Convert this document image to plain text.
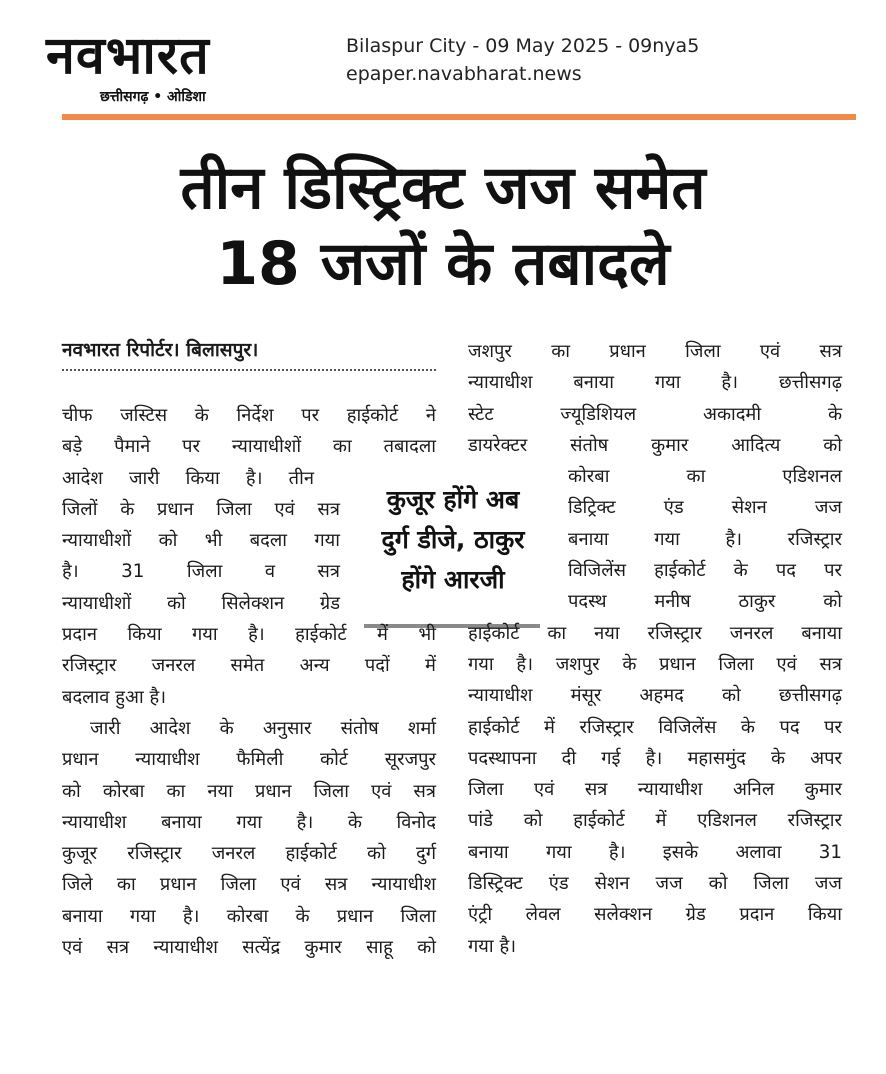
नवभारत
छत्तीसगढ़ • ओडिशा
Bilaspur City - 09 May 2025 - 09nya5
epaper.navabharat.news
तीन डिस्ट्रिक्ट जज समेत
18 जजों के तबादले
नवभारत रिपोर्टर। बिलासपुर।
कुजूर होंगे अब
दुर्ग डीजे, ठाकुर
होंगे आरजी
चीफ जस्टिस के निर्देश पर हाईकोर्ट ने
बड़े पैमाने पर न्यायाधीशों का तबादला
आदेश जारी किया है। तीन
जिलों के प्रधान जिला एवं सत्र
न्यायाधीशों को भी बदला गया
है। 31 जिला व सत्र
न्यायाधीशों को सिलेक्शन ग्रेड
प्रदान किया गया है। हाईकोर्ट में भी
रजिस्ट्रार जनरल समेत अन्य पदों में
बदलाव हुआ है।
जारी आदेश के अनुसार संतोष शर्मा
प्रधान न्यायाधीश फैमिली कोर्ट सूरजपुर
को कोरबा का नया प्रधान जिला एवं सत्र
न्यायाधीश बनाया गया है। के विनोद
कुजूर रजिस्ट्रार जनरल हाईकोर्ट को दुर्ग
जिले का प्रधान जिला एवं सत्र न्यायाधीश
बनाया गया है। कोरबा के प्रधान जिला
एवं सत्र न्यायाधीश सत्येंद्र कुमार साहू को
जशपुर का प्रधान जिला एवं सत्र
न्यायाधीश बनाया गया है। छत्तीसगढ़
स्टेट ज्यूडिशियल अकादमी के
डायरेक्टर संतोष कुमार आदित्य को
कोरबा का एडिशनल
डिट्रिक्ट एंड सेशन जज
बनाया गया है। रजिस्ट्रार
विजिलेंस हाईकोर्ट के पद पर
पदस्थ मनीष ठाकुर को
हाईकोर्ट का नया रजिस्ट्रार जनरल बनाया
गया है। जशपुर के प्रधान जिला एवं सत्र
न्यायाधीश मंसूर अहमद को छत्तीसगढ़
हाईकोर्ट में रजिस्ट्रार विजिलेंस के पद पर
पदस्थापना दी गई है। महासमुंद के अपर
जिला एवं सत्र न्यायाधीश अनिल कुमार
पांडे को हाईकोर्ट में एडिशनल रजिस्ट्रार
बनाया गया है। इसके अलावा 31
डिस्ट्रिक्ट एंड सेशन जज को जिला जज
एंट्री लेवल सलेक्शन ग्रेड प्रदान किया
गया है।
